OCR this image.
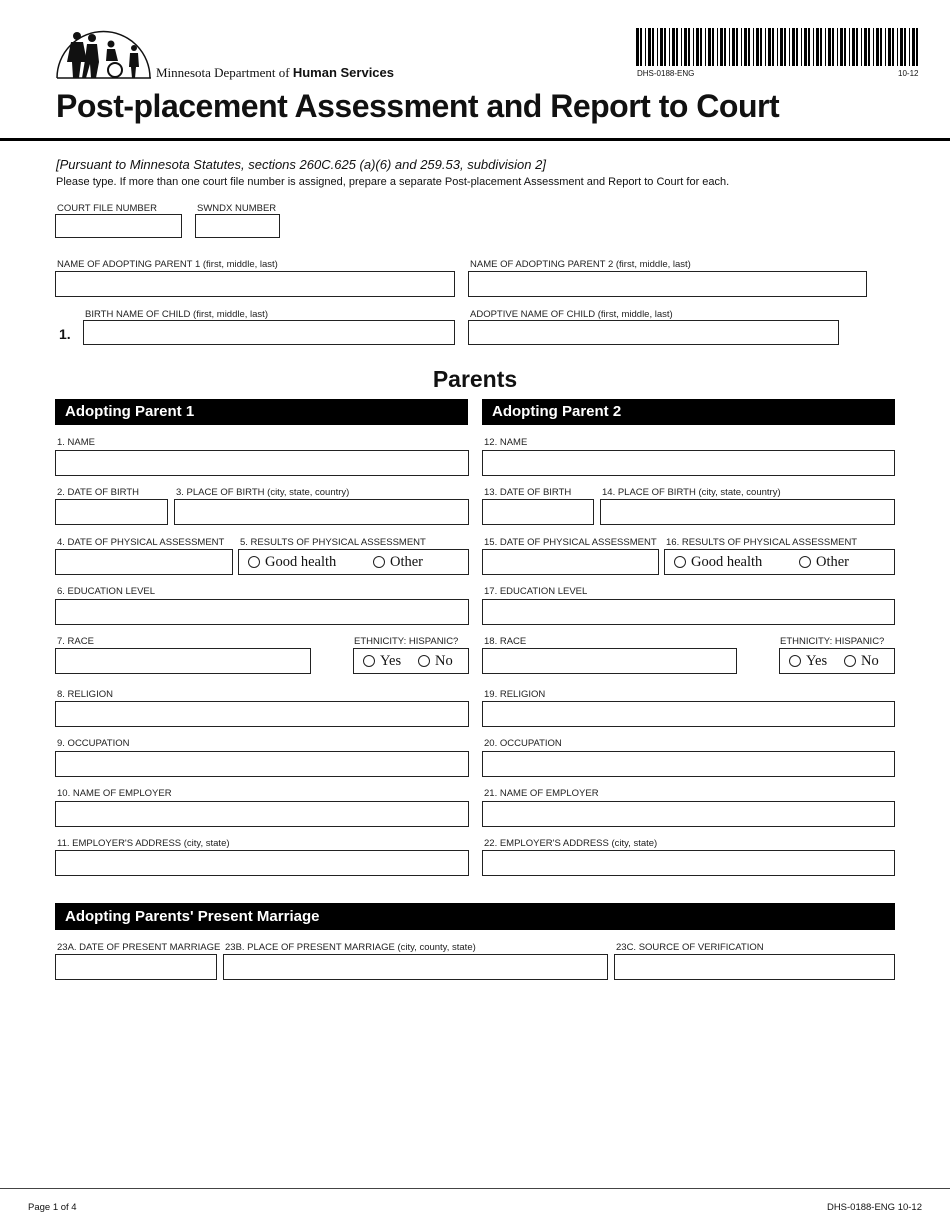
Minnesota Department of Human Services	DHS-0188-ENG	10-12
Post-placement Assessment and Report to Court
[Pursuant to Minnesota Statutes, sections 260C.625 (a)(6) and 259.53, subdivision 2]
Please type. If more than one court file number is assigned, prepare a separate Post-placement Assessment and Report to Court for each.
COURT FILE NUMBER	SWNDX NUMBER
NAME OF ADOPTING PARENT 1 (first, middle, last)	NAME OF ADOPTING PARENT 2 (first, middle, last)
1.
BIRTH NAME OF CHILD (first, middle, last)	ADOPTIVE NAME OF CHILD (first, middle, last)
Parents
Adopting Parent 1	Adopting Parent 2
1. NAME
2. DATE OF BIRTH	3. PLACE OF BIRTH (city, state, country)
4. DATE OF PHYSICAL ASSESSMENT 5. RESULTS OF PHYSICAL ASSESSMENT
Good health	Other
6. EDUCATION LEVEL
7. RACE	ETHNICITY: HISPANIC?
Yes No
8. RELIGION
9. OCCUPATION
10. NAME OF EMPLOYER
11. EMPLOYER'S ADDRESS (city, state)
12. NAME
13. DATE OF BIRTH	14. PLACE OF BIRTH (city, state, country)
15. DATE OF PHYSICAL ASSESSMENT 16. RESULTS OF PHYSICAL ASSESSMENT
Good health	Other
17. EDUCATION LEVEL
18. RACE	ETHNICITY: HISPANIC?
Yes No
19. RELIGION
20. OCCUPATION
21. NAME OF EMPLOYER
22. EMPLOYER'S ADDRESS (city, state)
Adopting Parents' Present Marriage
23A. DATE OF PRESENT MARRIAGE 23B. PLACE OF PRESENT MARRIAGE (city, county, state)	23C. SOURCE OF VERIFICATION
Page 1 of 4	DHS-0188-ENG 10-12
